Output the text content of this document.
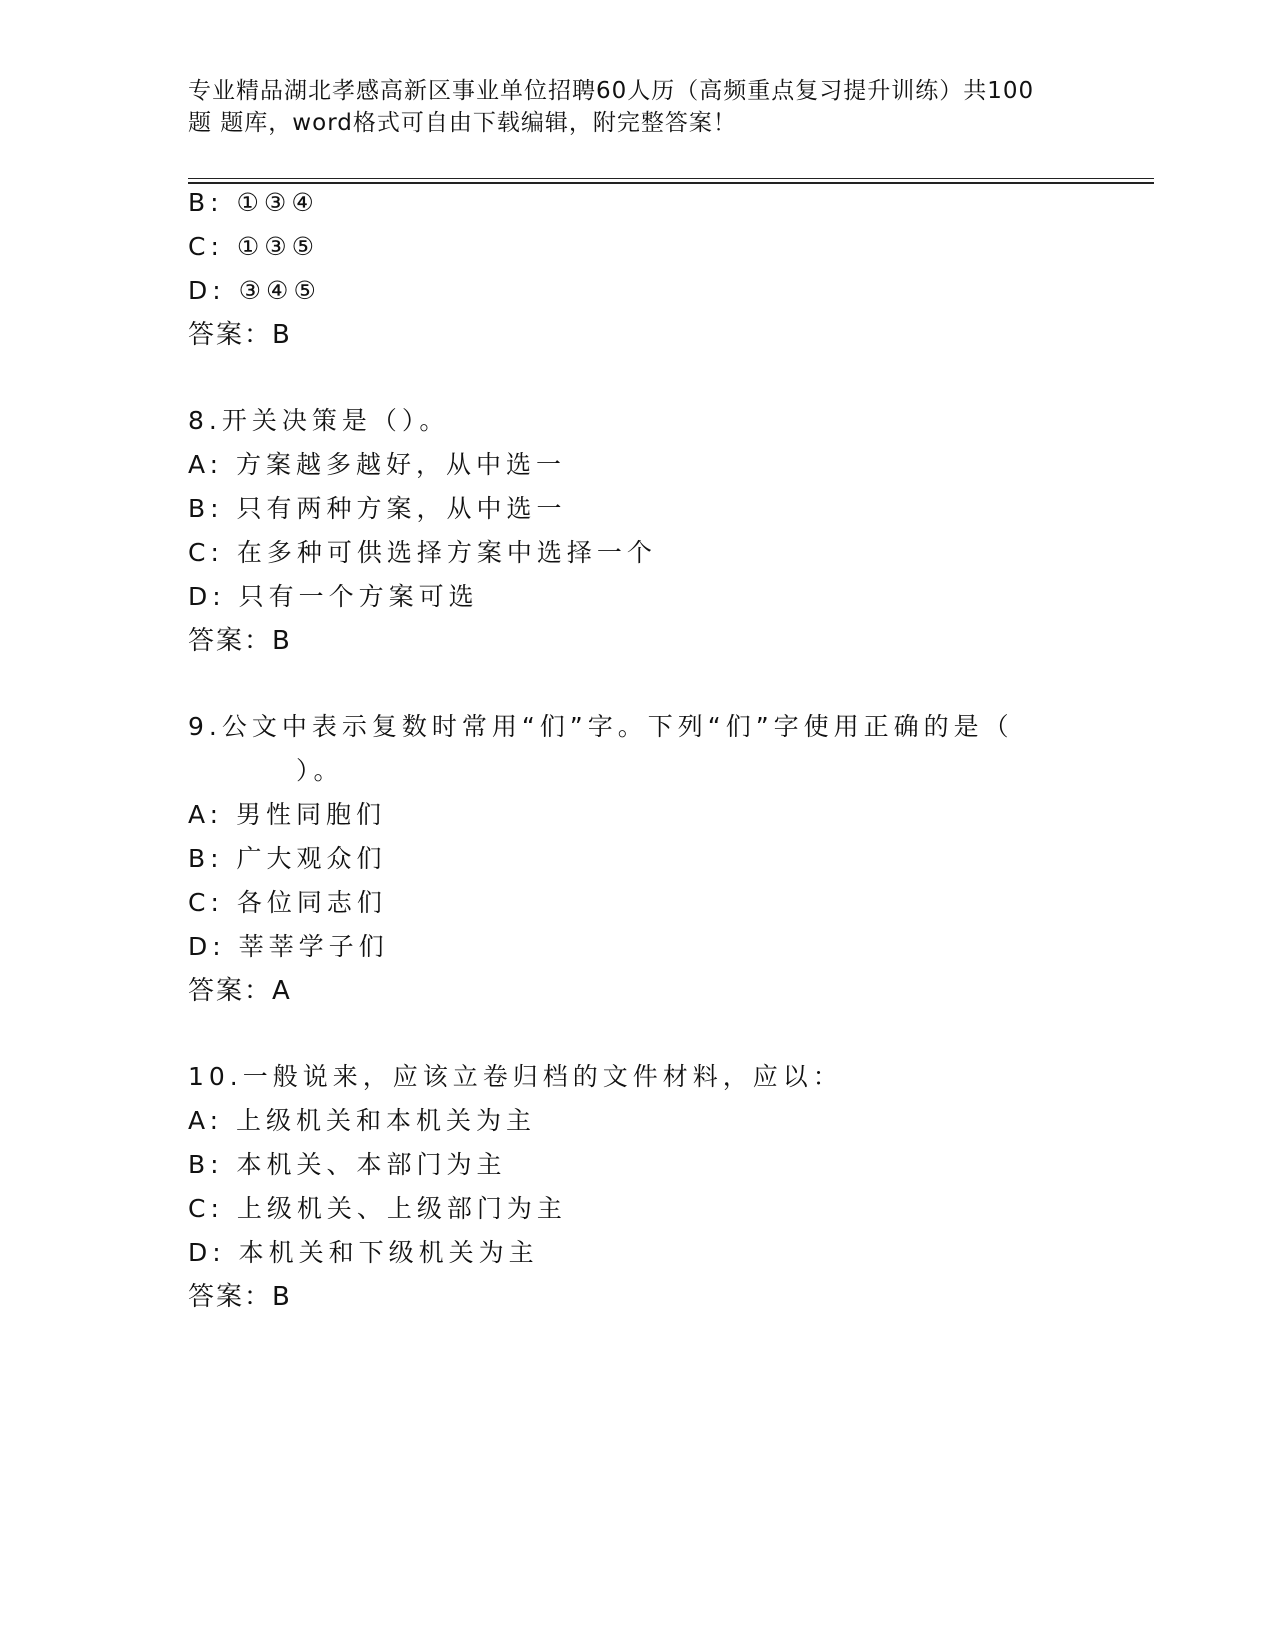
专业精品湖北孝感高新区事业单位招聘60人历（高频重点复习提升训练）共100
题 题库，word格式可自由下载编辑，附完整答案！
B: ①③④
C: ①③⑤
D: ③④⑤
答案：B
8.开关决策是（）。
A: 方案越多越好，从中选一
B: 只有两种方案，从中选一
C: 在多种可供选择方案中选择一个
D: 只有一个方案可选
答案：B
9.公文中表示复数时常用“们”字。下列“们”字使用正确的是（
）。
A: 男性同胞们
B: 广大观众们
C: 各位同志们
D: 莘莘学子们
答案：A
10.一般说来，应该立卷归档的文件材料，应以：
A: 上级机关和本机关为主
B: 本机关、本部门为主
C: 上级机关、上级部门为主
D: 本机关和下级机关为主
答案：B
